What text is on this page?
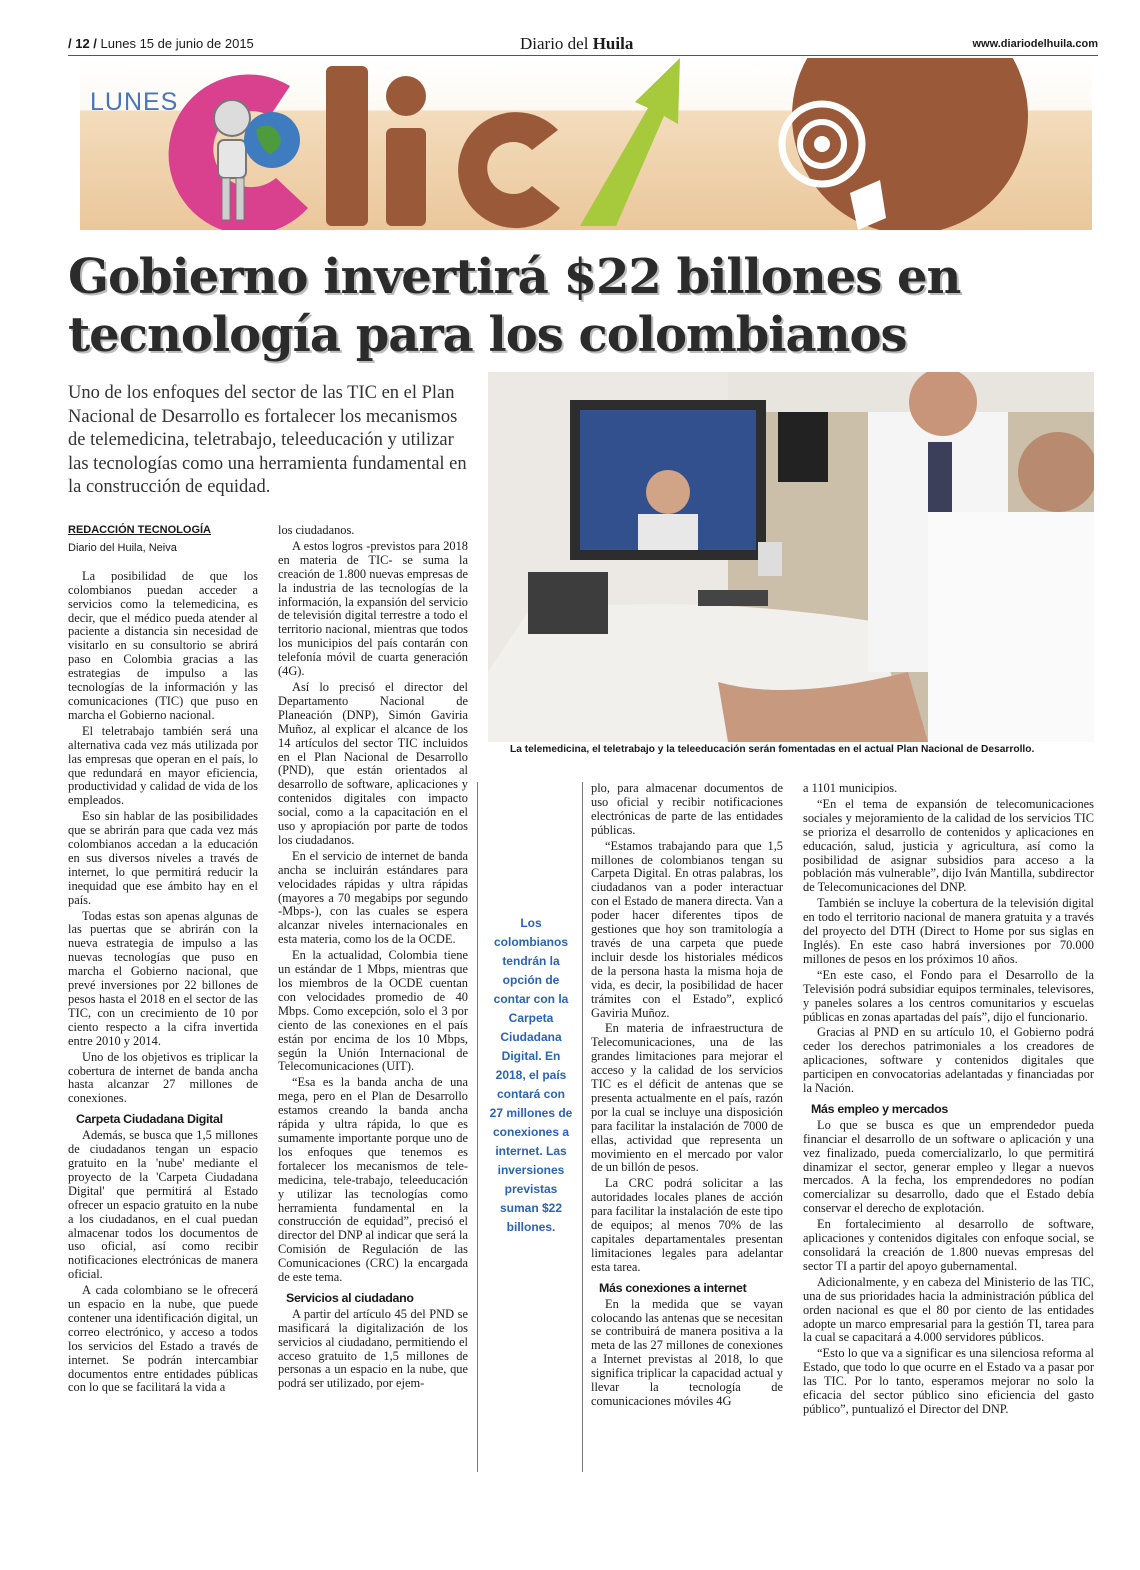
/ 12 / Lunes 15 de junio de 2015	Diario del Huila	www.diariodelhuila.com
LUNES
Gobierno invertirá $22 billones en
tecnología para los colombianos
Uno de los enfoques del sector de las TIC en el Plan Nacional de Desarrollo es fortalecer los mecanismos de telemedicina, teletrabajo, teleeducación y utilizar las tecnologías como una herramienta fundamental en la construcción de equidad.
La telemedicina, el teletrabajo y la teleeducación serán fomentadas en el actual Plan Nacional de Desarrollo.

REDACCIÓN TECNOLOGÍA

Diario del Huila, Neiva

La posibilidad de que los colombianos puedan acceder a servicios como la telemedicina, es decir, que el médico pueda atender al paciente a distancia sin necesidad de visitarlo en su consultorio se abrirá paso en Colombia gracias a las estrategias de impulso a las tecnologías de la información y las comunicaciones (TIC) que puso en marcha el Gobierno nacional.

El teletrabajo también será una alternativa cada vez más utilizada por las empresas que operan en el país, lo que redundará en mayor eficiencia, productividad y calidad de vida de los empleados.

Eso sin hablar de las posibilidades que se abrirán para que cada vez más colombianos accedan a la educación en sus diversos niveles a través de internet, lo que permitirá reducir la inequidad que ese ámbito hay en el país.

Todas estas son apenas algunas de las puertas que se abrirán con la nueva estrategia de impulso a las nuevas tecnologías que puso en marcha el Gobierno nacional, que prevé inversiones por 22 billones de pesos hasta el 2018 en el sector de las TIC, con un crecimiento de 10 por ciento respecto a la cifra invertida entre 2010 y 2014.

Uno de los objetivos es triplicar la cobertura de internet de banda ancha hasta alcanzar 27 millones de conexiones.

Carpeta Ciudadana Digital

Además, se busca que 1,5 millones de ciudadanos tengan un espacio gratuito en la 'nube' mediante el proyecto de la 'Carpeta Ciudadana Digital' que permitirá al Estado ofrecer un espacio gratuito en la nube a los ciudadanos, en el cual puedan almacenar todos los documentos de uso oficial, así como recibir notificaciones electrónicas de manera oficial.

A cada colombiano se le ofrecerá un espacio en la nube, que puede contener una identificación digital, un correo electrónico, y acceso a todos los servicios del Estado a través de internet. Se podrán intercambiar documentos entre entidades públicas con lo que se facilitará la vida a

los ciudadanos.

A estos logros -previstos para 2018 en materia de TIC- se suma la creación de 1.800 nuevas empresas de la industria de las tecnologías de la información, la expansión del servicio de televisión digital terrestre a todo el territorio nacional, mientras que todos los municipios del país contarán con telefonía móvil de cuarta generación (4G).

Así lo precisó el director del Departamento Nacional de Planeación (DNP), Simón Gaviria Muñoz, al explicar el alcance de los 14 artículos del sector TIC incluidos en el Plan Nacional de Desarrollo (PND), que están orientados al desarrollo de software, aplicaciones y contenidos digitales con impacto social, como a la capacitación en el uso y apropiación por parte de todos los ciudadanos.

En el servicio de internet de banda ancha se incluirán estándares para velocidades rápidas y ultra rápidas (mayores a 70 megabips por segundo -Mbps-), con las cuales se espera alcanzar niveles internacionales en esta materia, como los de la OCDE.

En la actualidad, Colombia tiene un estándar de 1 Mbps, mientras que los miembros de la OCDE cuentan con velocidades promedio de 40 Mbps. Como excepción, solo el 3 por ciento de las conexiones en el país están por encima de los 10 Mbps, según la Unión Internacional de Telecomunicaciones (UIT).

“Esa es la banda ancha de una mega, pero en el Plan de Desarrollo estamos creando la banda ancha rápida y ultra rápida, lo que es sumamente importante porque uno de los enfoques que tenemos es fortalecer los mecanismos de tele-medicina, tele-trabajo, teleeducación y utilizar las tecnologías como herramienta fundamental en la construcción de equidad”, precisó el director del DNP al indicar que será la Comisión de Regulación de las Comunicaciones (CRC) la encargada de este tema.

Servicios al ciudadano

A partir del artículo 45 del PND se masificará la digitalización de los servicios al ciudadano, permitiendo el acceso gratuito de 1,5 millones de personas a un espacio en la nube, que podrá ser utilizado, por ejem-

Los colombianos tendrán la opción de contar con la Carpeta Ciudadana Digital. En 2018, el país contará con 27 millones de conexiones a internet. Las inversiones previstas suman $22 billones.

plo, para almacenar documentos de uso oficial y recibir notificaciones electrónicas de parte de las entidades públicas.

“Estamos trabajando para que 1,5 millones de colombianos tengan su Carpeta Digital. En otras palabras, los ciudadanos van a poder interactuar con el Estado de manera directa. Van a poder hacer diferentes tipos de gestiones que hoy son tramitología a través de una carpeta que puede incluir desde los historiales médicos de la persona hasta la misma hoja de vida, es decir, la posibilidad de hacer trámites con el Estado”, explicó Gaviria Muñoz.

En materia de infraestructura de Telecomunicaciones, una de las grandes limitaciones para mejorar el acceso y la calidad de los servicios TIC es el déficit de antenas que se presenta actualmente en el país, razón por la cual se incluye una disposición para facilitar la instalación de 7000 de ellas, actividad que representa un movimiento en el mercado por valor de un billón de pesos.

La CRC podrá solicitar a las autoridades locales planes de acción para facilitar la instalación de este tipo de equipos; al menos 70% de las capitales departamentales presentan limitaciones legales para adelantar esta tarea.

Más conexiones a internet

En la medida que se vayan colocando las antenas que se necesitan se contribuirá de manera positiva a la meta de las 27 millones de conexiones a Internet previstas al 2018, lo que significa triplicar la capacidad actual y llevar la tecnología de comunicaciones móviles 4G

a 1101 municipios.

“En el tema de expansión de telecomunicaciones sociales y mejoramiento de la calidad de los servicios TIC se prioriza el desarrollo de contenidos y aplicaciones en educación, salud, justicia y agricultura, así como la posibilidad de asignar subsidios para acceso a la población más vulnerable”, dijo Iván Mantilla, subdirector de Telecomunicaciones del DNP.

También se incluye la cobertura de la televisión digital en todo el territorio nacional de manera gratuita y a través del proyecto del DTH (Direct to Home por sus siglas en Inglés). En este caso habrá inversiones por 70.000 millones de pesos en los próximos 10 años.

“En este caso, el Fondo para el Desarrollo de la Televisión podrá subsidiar equipos terminales, televisores, y paneles solares a los centros comunitarios y escuelas públicas en zonas apartadas del país”, dijo el funcionario.

Gracias al PND en su artículo 10, el Gobierno podrá ceder los derechos patrimoniales a los creadores de aplicaciones, software y contenidos digitales que participen en convocatorias adelantadas y financiadas por la Nación.

Más empleo y mercados

Lo que se busca es que un emprendedor pueda financiar el desarrollo de un software o aplicación y una vez finalizado, pueda comercializarlo, lo que permitirá dinamizar el sector, generar empleo y llegar a nuevos mercados. A la fecha, los emprendedores no podían comercializar su desarrollo, dado que el Estado debía conservar el derecho de explotación.

En fortalecimiento al desarrollo de software, aplicaciones y contenidos digitales con enfoque social, se consolidará la creación de 1.800 nuevas empresas del sector TI a partir del apoyo gubernamental.

Adicionalmente, y en cabeza del Ministerio de las TIC, una de sus prioridades hacia la administración pública del orden nacional es que el 80 por ciento de las entidades adopte un marco empresarial para la gestión TI, tarea para la cual se capacitará a 4.000 servidores públicos.

“Esto lo que va a significar es una silenciosa reforma al Estado, que todo lo que ocurre en el Estado va a pasar por las TIC. Por lo tanto, esperamos mejorar no solo la eficacia del sector público sino eficiencia del gasto público”, puntualizó el Director del DNP.
